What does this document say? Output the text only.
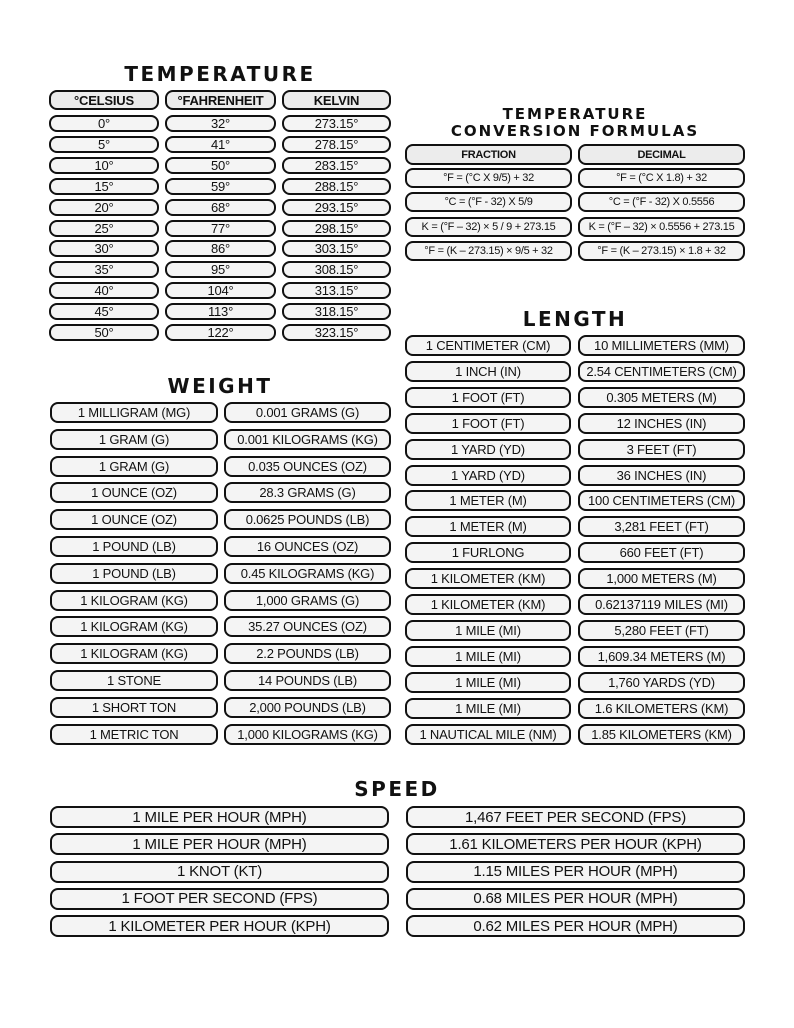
TEMPERATURE
°CELSIUS	°FAHRENHEIT	KELVIN
0°	32°	273.15°
5°	41°	278.15°
10°	50°	283.15°
15°	59°	288.15°
20°	68°	293.15°
25°	77°	298.15°
30°	86°	303.15°
35°	95°	308.15°
40°	104°	313.15°
45°	113°	318.15°
50°	122°	323.15°
TEMPERATURE
CONVERSION FORMULAS
FRACTION	DECIMAL
°F = (°C X 9/5) + 32	°F = (°C X 1.8) + 32
°C = (°F - 32) X 5/9	°C = (°F - 32) X 0.5556
K = (°F – 32) × 5 / 9 + 273.15	K = (°F – 32) × 0.5556 + 273.15
°F = (K – 273.15) × 9/5 + 32	°F = (K – 273.15) × 1.8 + 32
LENGTH
1 CENTIMETER (CM)	10 MILLIMETERS (MM)
1 INCH (IN)	2.54 CENTIMETERS (CM)
1 FOOT (FT)	0.305 METERS (M)
1 FOOT (FT)	12 INCHES (IN)
1 YARD (YD)	3 FEET (FT)
1 YARD (YD)	36 INCHES (IN)
1 METER (M)	100 CENTIMETERS (CM)
1 METER (M)	3,281 FEET (FT)
1 FURLONG	660 FEET (FT)
1 KILOMETER (KM)	1,000 METERS (M)
1 KILOMETER (KM)	0.62137119 MILES (MI)
1 MILE (MI)	5,280 FEET (FT)
1 MILE (MI)	1,609.34 METERS (M)
1 MILE (MI)	1,760 YARDS (YD)
1 MILE (MI)	1.6 KILOMETERS (KM)
1 NAUTICAL MILE (NM)	1.85 KILOMETERS (KM)
WEIGHT
1 MILLIGRAM (MG)	0.001 GRAMS (G)
1 GRAM (G)	0.001 KILOGRAMS (KG)
1 GRAM (G)	0.035 OUNCES (OZ)
1 OUNCE (OZ)	28.3 GRAMS (G)
1 OUNCE (OZ)	0.0625 POUNDS (LB)
1 POUND (LB)	16 OUNCES (OZ)
1 POUND (LB)	0.45 KILOGRAMS (KG)
1 KILOGRAM (KG)	1,000 GRAMS (G)
1 KILOGRAM (KG)	35.27 OUNCES (OZ)
1 KILOGRAM (KG)	2.2 POUNDS (LB)
1 STONE	14 POUNDS (LB)
1 SHORT TON	2,000 POUNDS (LB)
1 METRIC TON	1,000 KILOGRAMS (KG)
SPEED
1 MILE PER HOUR (MPH)	1,467 FEET PER SECOND (FPS)
1 MILE PER HOUR (MPH)	1.61 KILOMETERS PER HOUR (KPH)
1 KNOT (KT)	1.15 MILES PER HOUR (MPH)
1 FOOT PER SECOND (FPS)	0.68 MILES PER HOUR (MPH)
1 KILOMETER PER HOUR (KPH)	0.62 MILES PER HOUR (MPH)
